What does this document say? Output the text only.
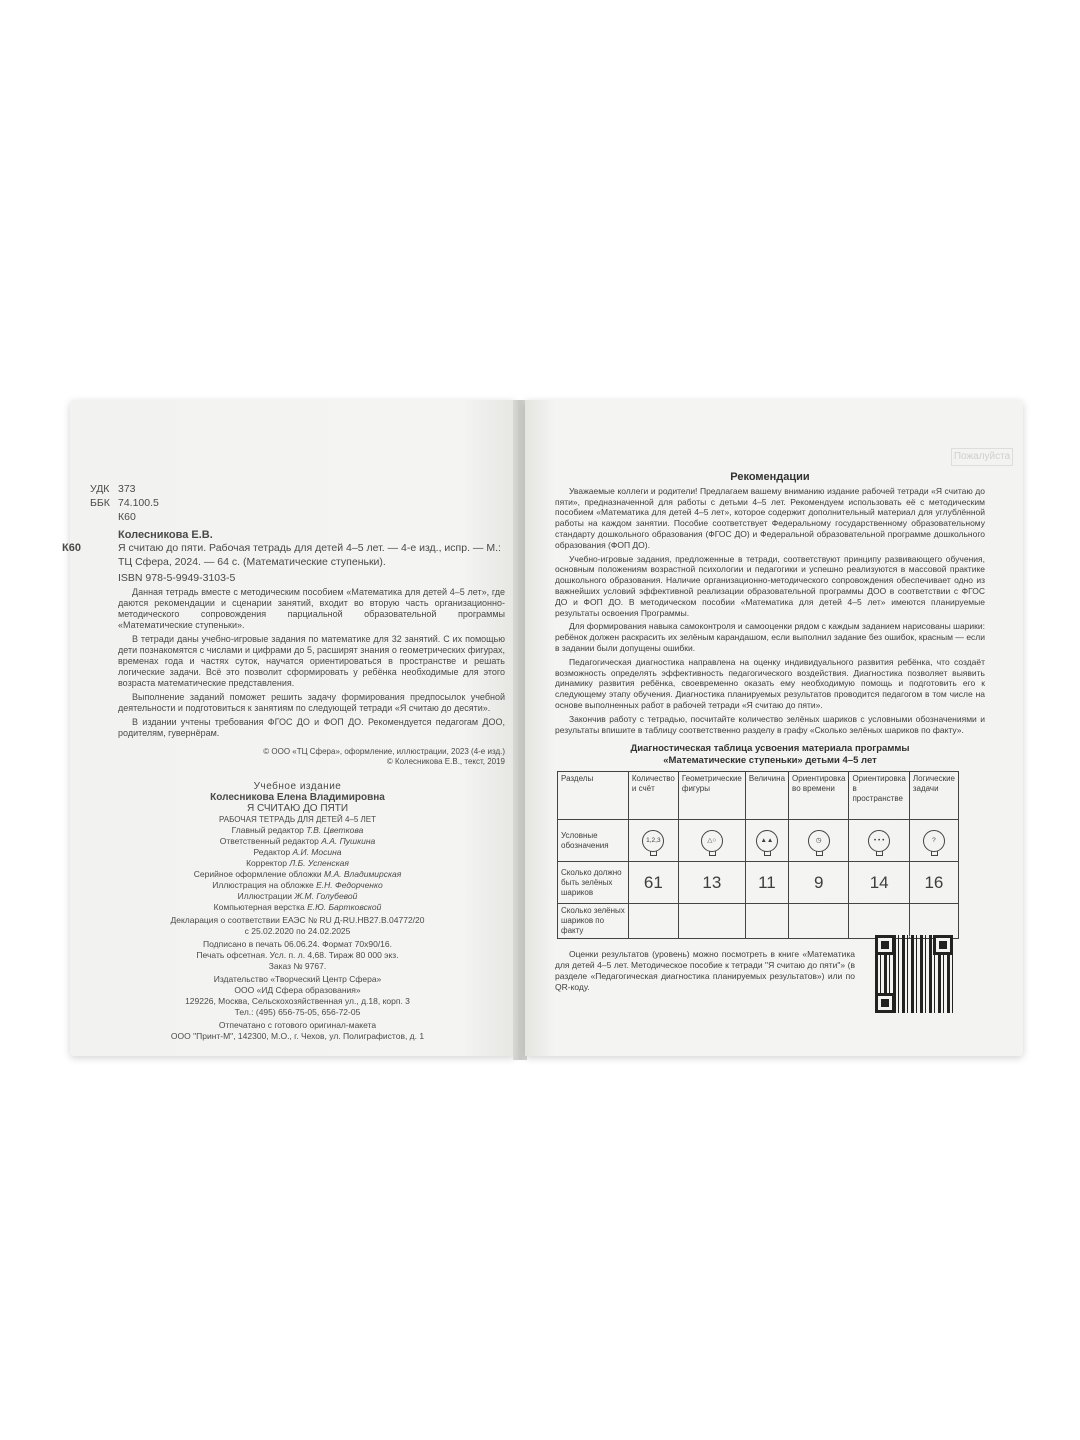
УДК 373
ББК 74.100.5
К60
Колесникова Е.В.
К60	Я считаю до пяти. Рабочая тетрадь для детей 4–5 лет. — 4-е изд., испр. — М.: ТЦ Сфера, 2024. — 64 с. (Математические ступеньки).
ISBN 978-5-9949-3103-5
Данная тетрадь вместе с методическим пособием «Математика для детей 4–5 лет», где даются рекомендации и сценарии занятий, входит во вторую часть организационно-методического сопровождения парциальной образовательной программы «Математические ступеньки».
В тетради даны учебно-игровые задания по математике для 32 занятий. С их помощью дети познакомятся с числами и цифрами до 5, расширят знания о геометрических фигурах, временах года и частях суток, научатся ориентироваться в пространстве и решать логические задачи. Всё это позволит сформировать у ребёнка необходимые для этого возраста математические представления.
Выполнение заданий поможет решить задачу формирования предпосылок учебной деятельности и подготовиться к занятиям по следующей тетради «Я считаю до десяти».
В издании учтены требования ФГОС ДО и ФОП ДО. Рекомендуется педагогам ДОО, родителям, гувернёрам.
© ООО «ТЦ Сфера», оформление, иллюстрации, 2023 (4-е изд.)
© Колесникова Е.В., текст, 2019
Учебное издание
Колесникова Елена Владимировна
Я СЧИТАЮ ДО ПЯТИ
РАБОЧАЯ ТЕТРАДЬ ДЛЯ ДЕТЕЙ 4–5 ЛЕТ
Главный редактор Т.В. Цветкова
Ответственный редактор А.А. Пушкина
Редактор А.И. Мосина
Корректор Л.Б. Успенская
Серийное оформление обложки М.А. Владимирская
Иллюстрация на обложке Е.Н. Федорченко
Иллюстрации Ж.М. Голубевой
Компьютерная верстка Е.Ю. Бартковской
Декларация о соответствии ЕАЭС № RU Д-RU.НВ27.В.04772/20
с 25.02.2020 по 24.02.2025
Подписано в печать 06.06.24. Формат 70х90/16.
Печать офсетная. Усл. п. л. 4,68. Тираж 80 000 экз.
Заказ № 9767.
Издательство «Творческий Центр Сфера»
ООО «ИД Сфера образования»
129226, Москва, Сельскохозяйственная ул., д.18, корп. 3
Тел.: (495) 656-75-05, 656-72-05
Отпечатано с готового оригинал-макета
ООО "Принт-М", 142300, М.О., г. Чехов, ул. Полиграфистов, д. 1
Пожалуйста
Рекомендации

Уважаемые коллеги и родители! Предлагаем вашему вниманию издание рабочей тетради «Я считаю до пяти», предназначенной для работы с детьми 4–5 лет. Рекомендуем использовать её с методическим пособием «Математика для детей 4–5 лет», которое содержит дополнительный материал для углублённой работы на каждом занятии. Пособие соответствует Федеральному государственному образовательному стандарту дошкольного образования (ФГОС ДО) и Федеральной образовательной программе дошкольного образования (ФОП ДО).

Учебно-игровые задания, предложенные в тетради, соответствуют принципу развивающего обучения, основным положениям возрастной психологии и педагогики и успешно реализуются в массовой практике дошкольного образования. Наличие организационно-методического сопровождения обеспечивает одно из важнейших условий эффективной реализации образовательной программы ДОО в соответствии с ФГОС ДО и ФОП ДО. В методическом пособии «Математика для детей 4–5 лет» имеются планируемые результаты освоения Программы.

Для формирования навыка самоконтроля и самооценки рядом с каждым заданием нарисованы шарики: ребёнок должен раскрасить их зелёным карандашом, если выполнил задание без ошибок, красным — если в задании были допущены ошибки.

Педагогическая диагностика направлена на оценку индивидуального развития ребёнка, что создаёт возможность определять эффективность педагогического воздействия. Диагностика позволяет выявить динамику развития ребёнка, своевременно оказать ему необходимую помощь и подготовить его к следующему этапу обучения. Диагностика планируемых результатов проводится педагогом в том числе на основе выполненных работ в рабочей тетради «Я считаю до пяти».

Закончив работу с тетрадью, посчитайте количество зелёных шариков с условными обозначениями и результаты впишите в таблицу соответственно разделу в графу «Сколько зелёных шариков по факту».

Диагностическая таблица усвоения материала программы
«Математические ступеньки» детьми 4–5 лет
Разделы	Количество и счёт	Геометрические фигуры	Величина	Ориентировка во времени	Ориентировка в пространстве	Логические задачи
Условные обозначения	1,2,3	△○	▲▲	◷	• • •	?
Сколько должно быть зелёных шариков	61	13	11	9	14	16
Сколько зелёных шариков по факту						

Оценки результатов (уровень) можно посмотреть в книге «Математика для детей 4–5 лет. Методическое пособие к тетради "Я считаю до пяти"» (в разделе «Педагогическая диагностика планируемых результатов») или по QR-коду.
